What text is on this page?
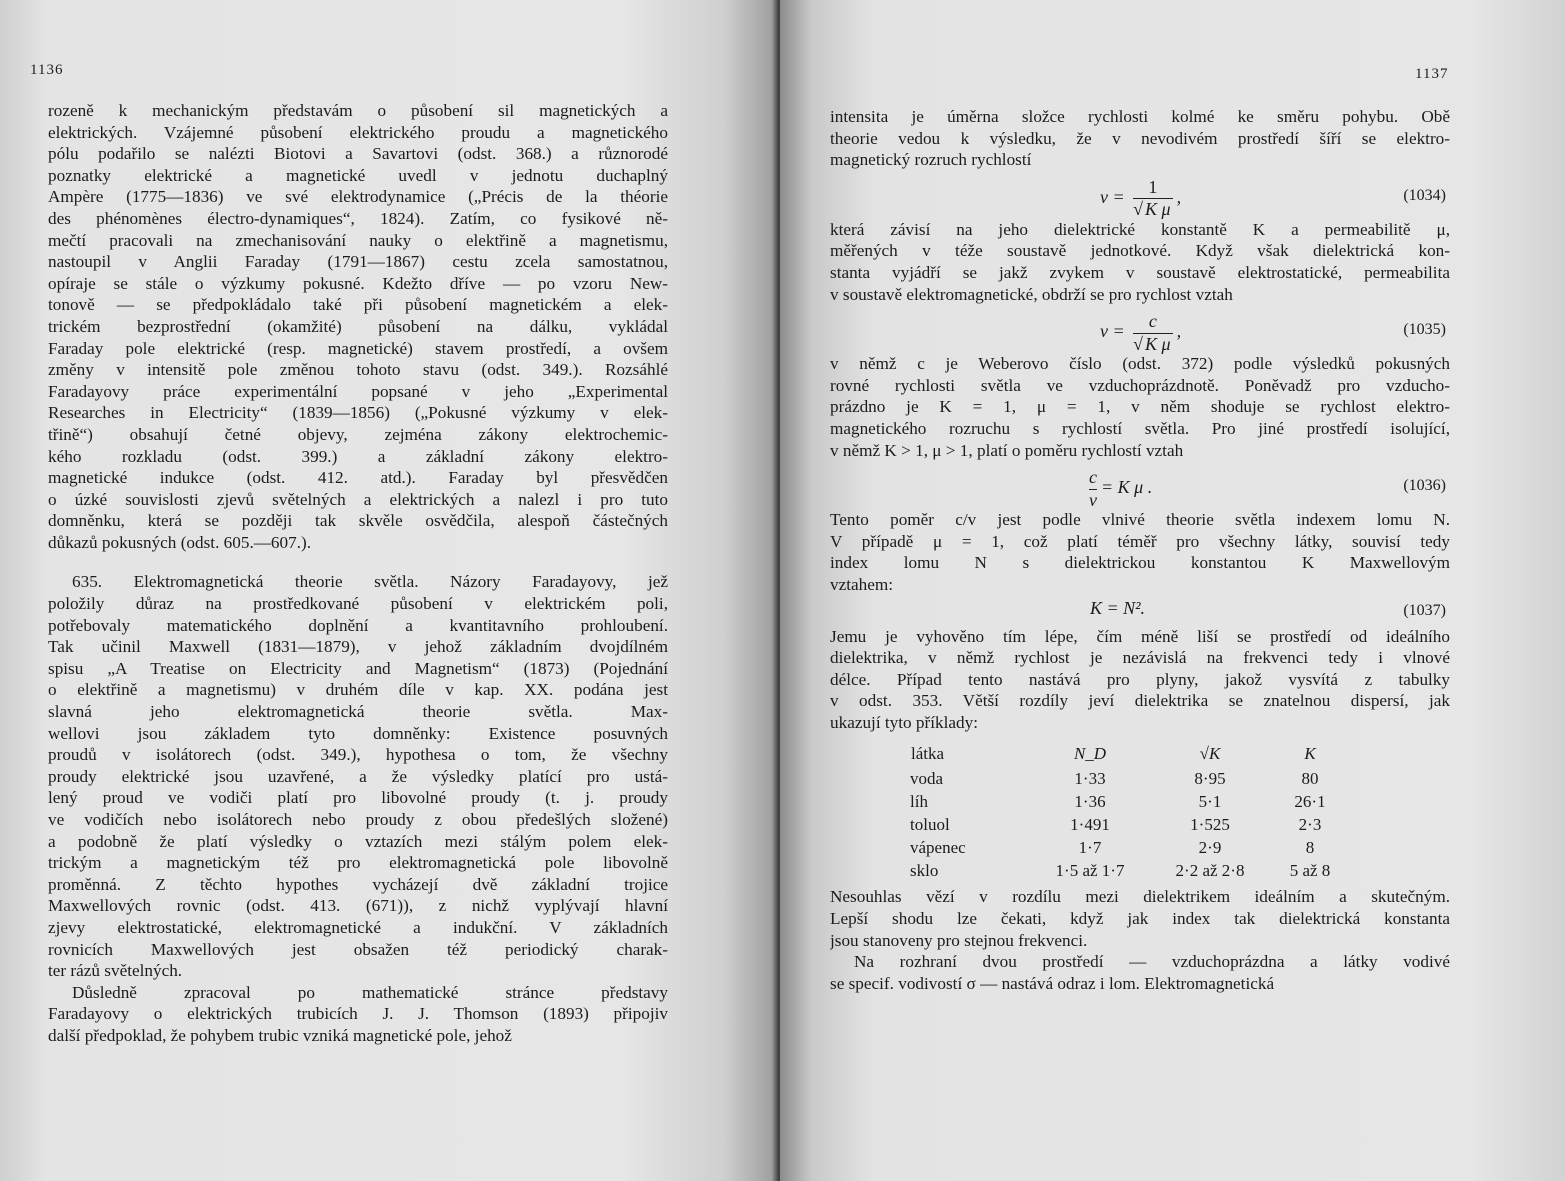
1136
rozeně k mechanickým představám o působení sil magnetických a
elektrických. Vzájemné působení elektrického proudu a magnetického
pólu podařilo se nalézti Biotovi a Savartovi (odst. 368.) a různorodé
poznatky elektrické a magnetické uvedl v jednotu duchaplný
Ampère (1775—1836) ve své elektrodynamice („Précis de la théorie
des phénomènes électro-dynamiques“, 1824). Zatím, co fysikové ně-
mečtí pracovali na zmechanisování nauky o elektřině a magnetismu,
nastoupil v Anglii Faraday (1791—1867) cestu zcela samostatnou,
opíraje se stále o výzkumy pokusné. Kdežto dříve — po vzoru New-
tonově — se předpokládalo také při působení magnetickém a elek-
trickém bezprostřední (okamžité) působení na dálku, vykládal
Faraday pole elektrické (resp. magnetické) stavem prostředí, a ovšem
změny v intensitě pole změnou tohoto stavu (odst. 349.). Rozsáhlé
Faradayovy práce experimentální popsané v jeho „Experimental
Researches in Electricity“ (1839—1856) („Pokusné výzkumy v elek-
třině“) obsahují četné objevy, zejména zákony elektrochemic-
kého rozkladu (odst. 399.) a základní zákony elektro-
magnetické indukce (odst. 412. atd.). Faraday byl přesvědčen
o úzké souvislosti zjevů světelných a elektrických a nalezl i pro tuto
domněnku, která se později tak skvěle osvědčila, alespoň částečných
důkazů pokusných (odst. 605.—607.).
635. Elektromagnetická theorie světla. Názory Faradayovy, jež
položily důraz na prostředkované působení v elektrickém poli,
potřebovaly matematického doplnění a kvantitavního prohloubení.
Tak učinil Maxwell (1831—1879), v jehož základním dvojdílném
spisu „A Treatise on Electricity and Magnetism“ (1873) (Pojednání
o elektřině a magnetismu) v druhém díle v kap. XX. podána jest
slavná jeho elektromagnetická theorie světla. Max-
wellovi jsou základem tyto domněnky: Existence posuvných
proudů v isolátorech (odst. 349.), hypothesa o tom, že všechny
proudy elektrické jsou uzavřené, a že výsledky platící pro ustá-
lený proud ve vodiči platí pro libovolné proudy (t. j. proudy
ve vodičích nebo isolátorech nebo proudy z obou předešlých složené)
a podobně že platí výsledky o vztazích mezi stálým polem elek-
trickým a magnetickým též pro elektromagnetická pole libovolně
proměnná. Z těchto hypothes vycházejí dvě základní trojice
Maxwellových rovnic (odst. 413. (671)), z nichž vyplývají hlavní
zjevy elektrostatické, elektromagnetické a indukční. V základních
rovnicích Maxwellových jest obsažen též periodický charak-
ter rázů světelných.
Důsledně zpracoval po mathematické stránce představy
Faradayovy o elektrických trubicích J. J. Thomson (1893) připojiv
další předpoklad, že pohybem trubic vzniká magnetické pole, jehož
1137
intensita je úměrna složce rychlosti kolmé ke směru pohybu. Obě
theorie vedou k výsledku, že v nevodivém prostředí šíří se elektro-
magnetický rozruch rychlostí
$v = \frac{1}{\text{√ K μ}}$ ,	(1034)
která závisí na jeho dielektrické konstantě K a permeabilitě μ,
měřených v téže soustavě jednotkové. Když však dielektrická kon-
stanta vyjádří se jakž zvykem v soustavě elektrostatické, permeabilita
v soustavě elektromagnetické, obdrží se pro rychlost vztah
$v = \frac{c}{\text{√ K μ}}$ ,	(1035)
v němž c je Weberovo číslo (odst. 372) podle výsledků pokusných
rovné rychlosti světla ve vzduchoprázdnotě. Poněvadž pro vzducho-
prázdno je K = 1, μ = 1, v něm shoduje se rychlost elektro-
magnetického rozruchu s rychlostí světla. Pro jiné prostředí isolující,
v němž K > 1, μ > 1, platí o poměru rychlostí vztah
$\frac{c}{v} = K$ μ .	(1036)
Tento poměr c/v jest podle vlnivé theorie světla indexem lomu N.
V případě μ = 1, což platí téměř pro všechny látky, souvisí tedy
index lomu N s dielektrickou konstantou K Maxwellovým
vztahem:
K = N².	(1037)
Jemu je vyhověno tím lépe, čím méně liší se prostředí od ideálního
dielektrika, v němž rychlost je nezávislá na frekvenci tedy i vlnové
délce. Případ tento nastává pro plyny, jakož vysvítá z tabulky
v odst. 353. Větší rozdíly jeví dielektrika se znatelnou dispersí, jak
ukazují tyto příklady:
látka	N_D	√K	K
voda	1·33	8·95	80
líh	1·36	5·1	26·1
toluol	1·491	1·525	2·3
vápenec	1·7	2·9	8
sklo	1·5 až 1·7	2·2 až 2·8	5 až 8
Nesouhlas vězí v rozdílu mezi dielektrikem ideálním a skutečným.
Lepší shodu lze čekati, když jak index tak dielektrická konstanta
jsou stanoveny pro stejnou frekvenci.
Na rozhraní dvou prostředí — vzduchoprázdna a látky vodivé
se specif. vodivostí σ — nastává odraz i lom. Elektromagnetická
